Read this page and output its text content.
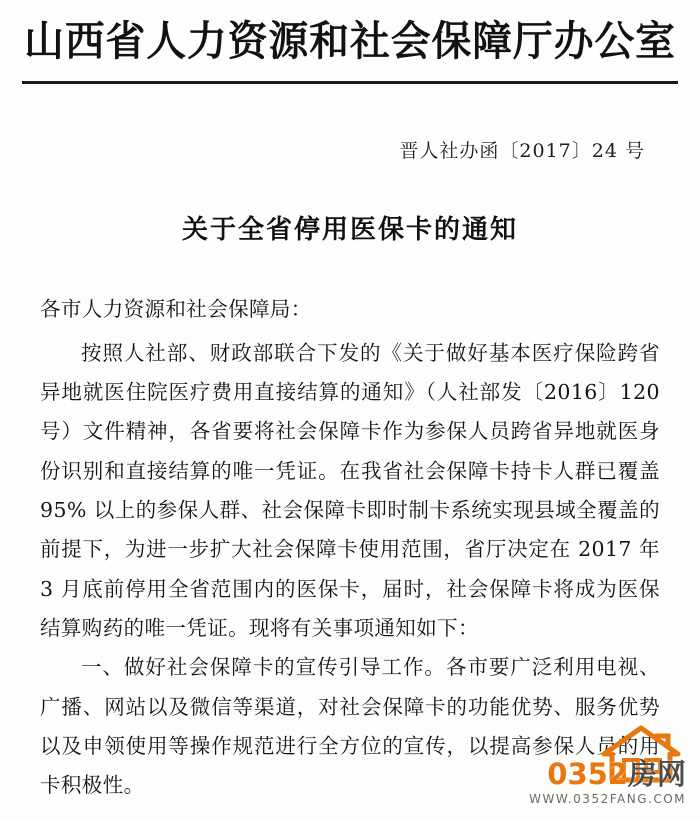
山西省人力资源和社会保障厅办公室
晋人社办函〔2017〕24 号
关于全省停用医保卡的通知
各市人力资源和社会保障局：

按照人社部、财政部联合下发的《关于做好基本医疗保险跨省异地就医住院医疗费用直接结算的通知》（人社部发〔2016〕120 号）文件精神，各省要将社会保障卡作为参保人员跨省异地就医身份识别和直接结算的唯一凭证。在我省社会保障卡持卡人群已覆盖 95% 以上的参保人群、社会保障卡即时制卡系统实现县域全覆盖的前提下，为进一步扩大社会保障卡使用范围，省厅决定在 2017 年 3 月底前停用全省范围内的医保卡，届时，社会保障卡将成为医保结算购药的唯一凭证。现将有关事项通知如下：

一、做好社会保障卡的宣传引导工作。各市要广泛利用电视、广播、网站以及微信等渠道，对社会保障卡的功能优势、服务优势以及申领使用等操作规范进行全方位的宣传，以提高参保人员的用卡积极性。	0352房网
WWW.0352FANG.COM
